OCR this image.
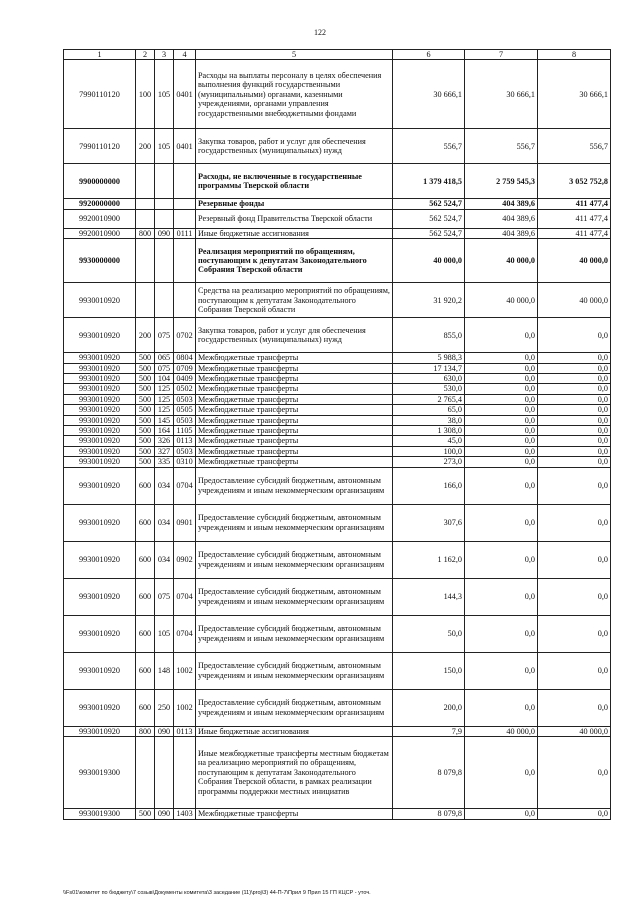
122
1	2	3	4	5	6	7	8
7990110120	100	105	0401	Расходы на выплаты персоналу в целях обеспечения выполнения функций государственными (муниципальными) органами, казенными учреждениями, органами управления государственными внебюджетными фондами	30 666,1	30 666,1	30 666,1
7990110120	200	105	0401	Закупка товаров, работ и услуг для обеспечения государственных (муниципальных) нужд	556,7	556,7	556,7
9900000000				Расходы, не включенные в государственные программы Тверской области	1 379 418,5	2 759 545,3	3 052 752,8
9920000000				Резервные фонды	562 524,7	404 389,6	411 477,4
9920010900				Резервный фонд Правительства Тверской области	562 524,7	404 389,6	411 477,4
9920010900	800	090	0111	Иные бюджетные ассигнования	562 524,7	404 389,6	411 477,4
9930000000				Реализация мероприятий по обращениям, поступающим к депутатам Законодательного Собрания Тверской области	40 000,0	40 000,0	40 000,0
9930010920				Средства на реализацию мероприятий по обращениям, поступающим к депутатам Законодательного Собрания Тверской области	31 920,2	40 000,0	40 000,0
9930010920	200	075	0702	Закупка товаров, работ и услуг для обеспечения государственных (муниципальных) нужд	855,0	0,0	0,0
9930010920	500	065	0804	Межбюджетные трансферты	5 988,3	0,0	0,0
9930010920	500	075	0709	Межбюджетные трансферты	17 134,7	0,0	0,0
9930010920	500	104	0409	Межбюджетные трансферты	630,0	0,0	0,0
9930010920	500	125	0502	Межбюджетные трансферты	530,0	0,0	0,0
9930010920	500	125	0503	Межбюджетные трансферты	2 765,4	0,0	0,0
9930010920	500	125	0505	Межбюджетные трансферты	65,0	0,0	0,0
9930010920	500	145	0503	Межбюджетные трансферты	38,0	0,0	0,0
9930010920	500	164	1105	Межбюджетные трансферты	1 308,0	0,0	0,0
9930010920	500	326	0113	Межбюджетные трансферты	45,0	0,0	0,0
9930010920	500	327	0503	Межбюджетные трансферты	100,0	0,0	0,0
9930010920	500	335	0310	Межбюджетные трансферты	273,0	0,0	0,0
9930010920	600	034	0704	Предоставление субсидий бюджетным, автономным учреждениям и иным некоммерческим организациям	166,0	0,0	0,0
9930010920	600	034	0901	Предоставление субсидий бюджетным, автономным учреждениям и иным некоммерческим организациям	307,6	0,0	0,0
9930010920	600	034	0902	Предоставление субсидий бюджетным, автономным учреждениям и иным некоммерческим организациям	1 162,0	0,0	0,0
9930010920	600	075	0704	Предоставление субсидий бюджетным, автономным учреждениям и иным некоммерческим организациям	144,3	0,0	0,0
9930010920	600	105	0704	Предоставление субсидий бюджетным, автономным учреждениям и иным некоммерческим организациям	50,0	0,0	0,0
9930010920	600	148	1002	Предоставление субсидий бюджетным, автономным учреждениям и иным некоммерческим организациям	150,0	0,0	0,0
9930010920	600	250	1002	Предоставление субсидий бюджетным, автономным учреждениям и иным некоммерческим организациям	200,0	0,0	0,0
9930010920	800	090	0113	Иные бюджетные ассигнования	7,9	40 000,0	40 000,0
9930019300				Иные межбюджетные трансферты местным бюджетам на реализацию мероприятий по обращениям, поступающим к депутатам Законодательного Собрания Тверской области, в рамках реализации программы поддержки местных инициатив	8 079,8	0,0	0,0
9930019300	500	090	1403	Межбюджетные трансферты	8 079,8	0,0	0,0
\\Fs01\комитет по бюджету\7 созыв\Документы комитета\3 заседание (11)\proj\3) 44-П-7\Прил 9 Прил 15 ГП КЦСР - уточ.
